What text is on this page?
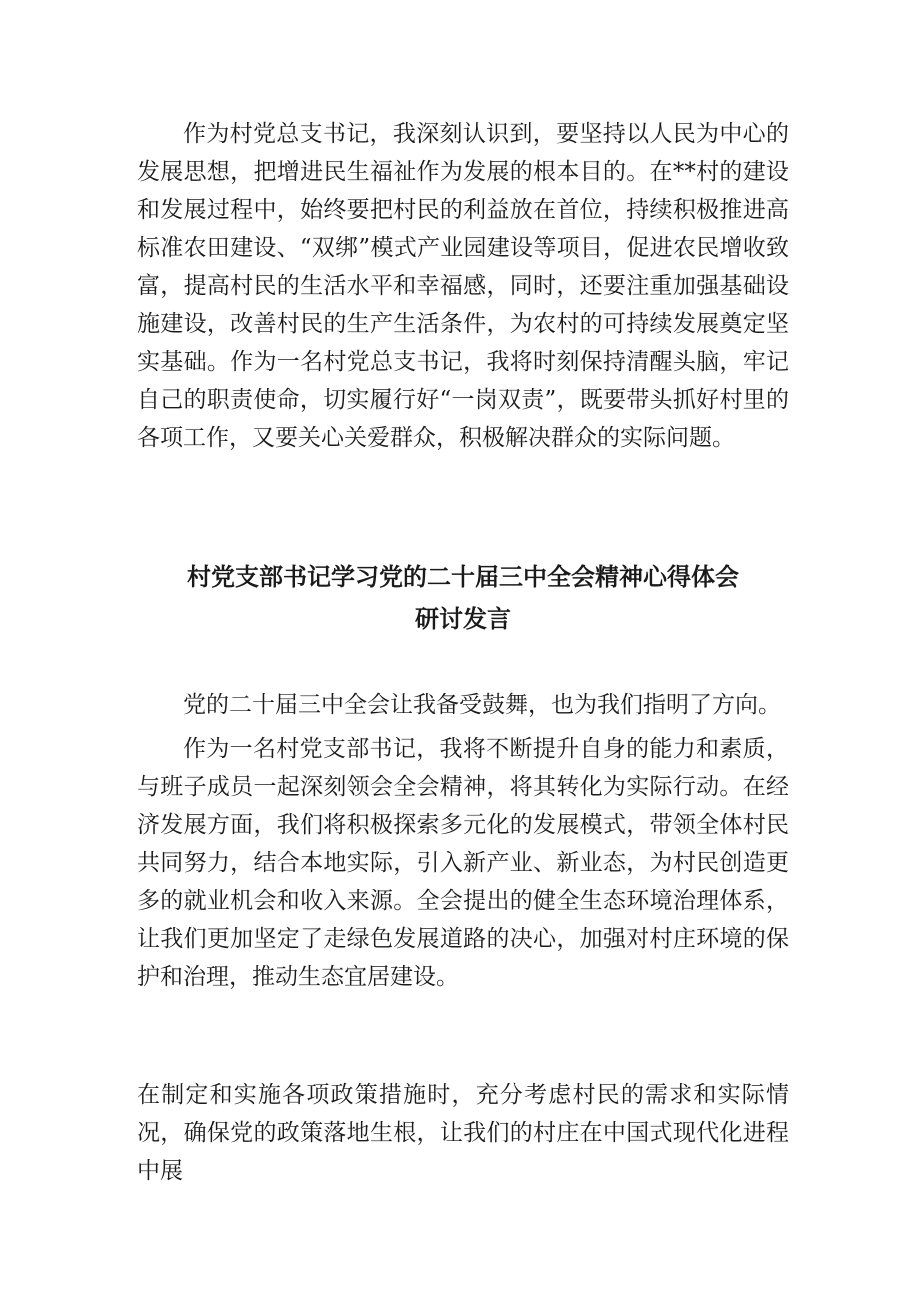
作为村党总支书记，我深刻认识到，要坚持以人民为中心的发展思想，把增进民生福祉作为发展的根本目的。在**村的建设和发展过程中，始终要把村民的利益放在首位，持续积极推进高标准农田建设、“双绑”模式产业园建设等项目，促进农民增收致富，提高村民的生活水平和幸福感，同时，还要注重加强基础设施建设，改善村民的生产生活条件，为农村的可持续发展奠定坚实基础。作为一名村党总支书记，我将时刻保持清醒头脑，牢记自己的职责使命，切实履行好“一岗双责”，既要带头抓好村里的各项工作，又要关心关爱群众，积极解决群众的实际问题。

村党支部书记学习党的二十届三中全会精神心得体会
研讨发言

党的二十届三中全会让我备受鼓舞，也为我们指明了方向。

作为一名村党支部书记，我将不断提升自身的能力和素质，与班子成员一起深刻领会全会精神，将其转化为实际行动。在经济发展方面，我们将积极探索多元化的发展模式，带领全体村民共同努力，结合本地实际，引入新产业、新业态，为村民创造更多的就业机会和收入来源。全会提出的健全生态环境治理体系，让我们更加坚定了走绿色发展道路的决心，加强对村庄环境的保护和治理，推动生态宜居建设。

在制定和实施各项政策措施时，充分考虑村民的需求和实际情况，确保党的政策落地生根，让我们的村庄在中国式现代化进程中展
